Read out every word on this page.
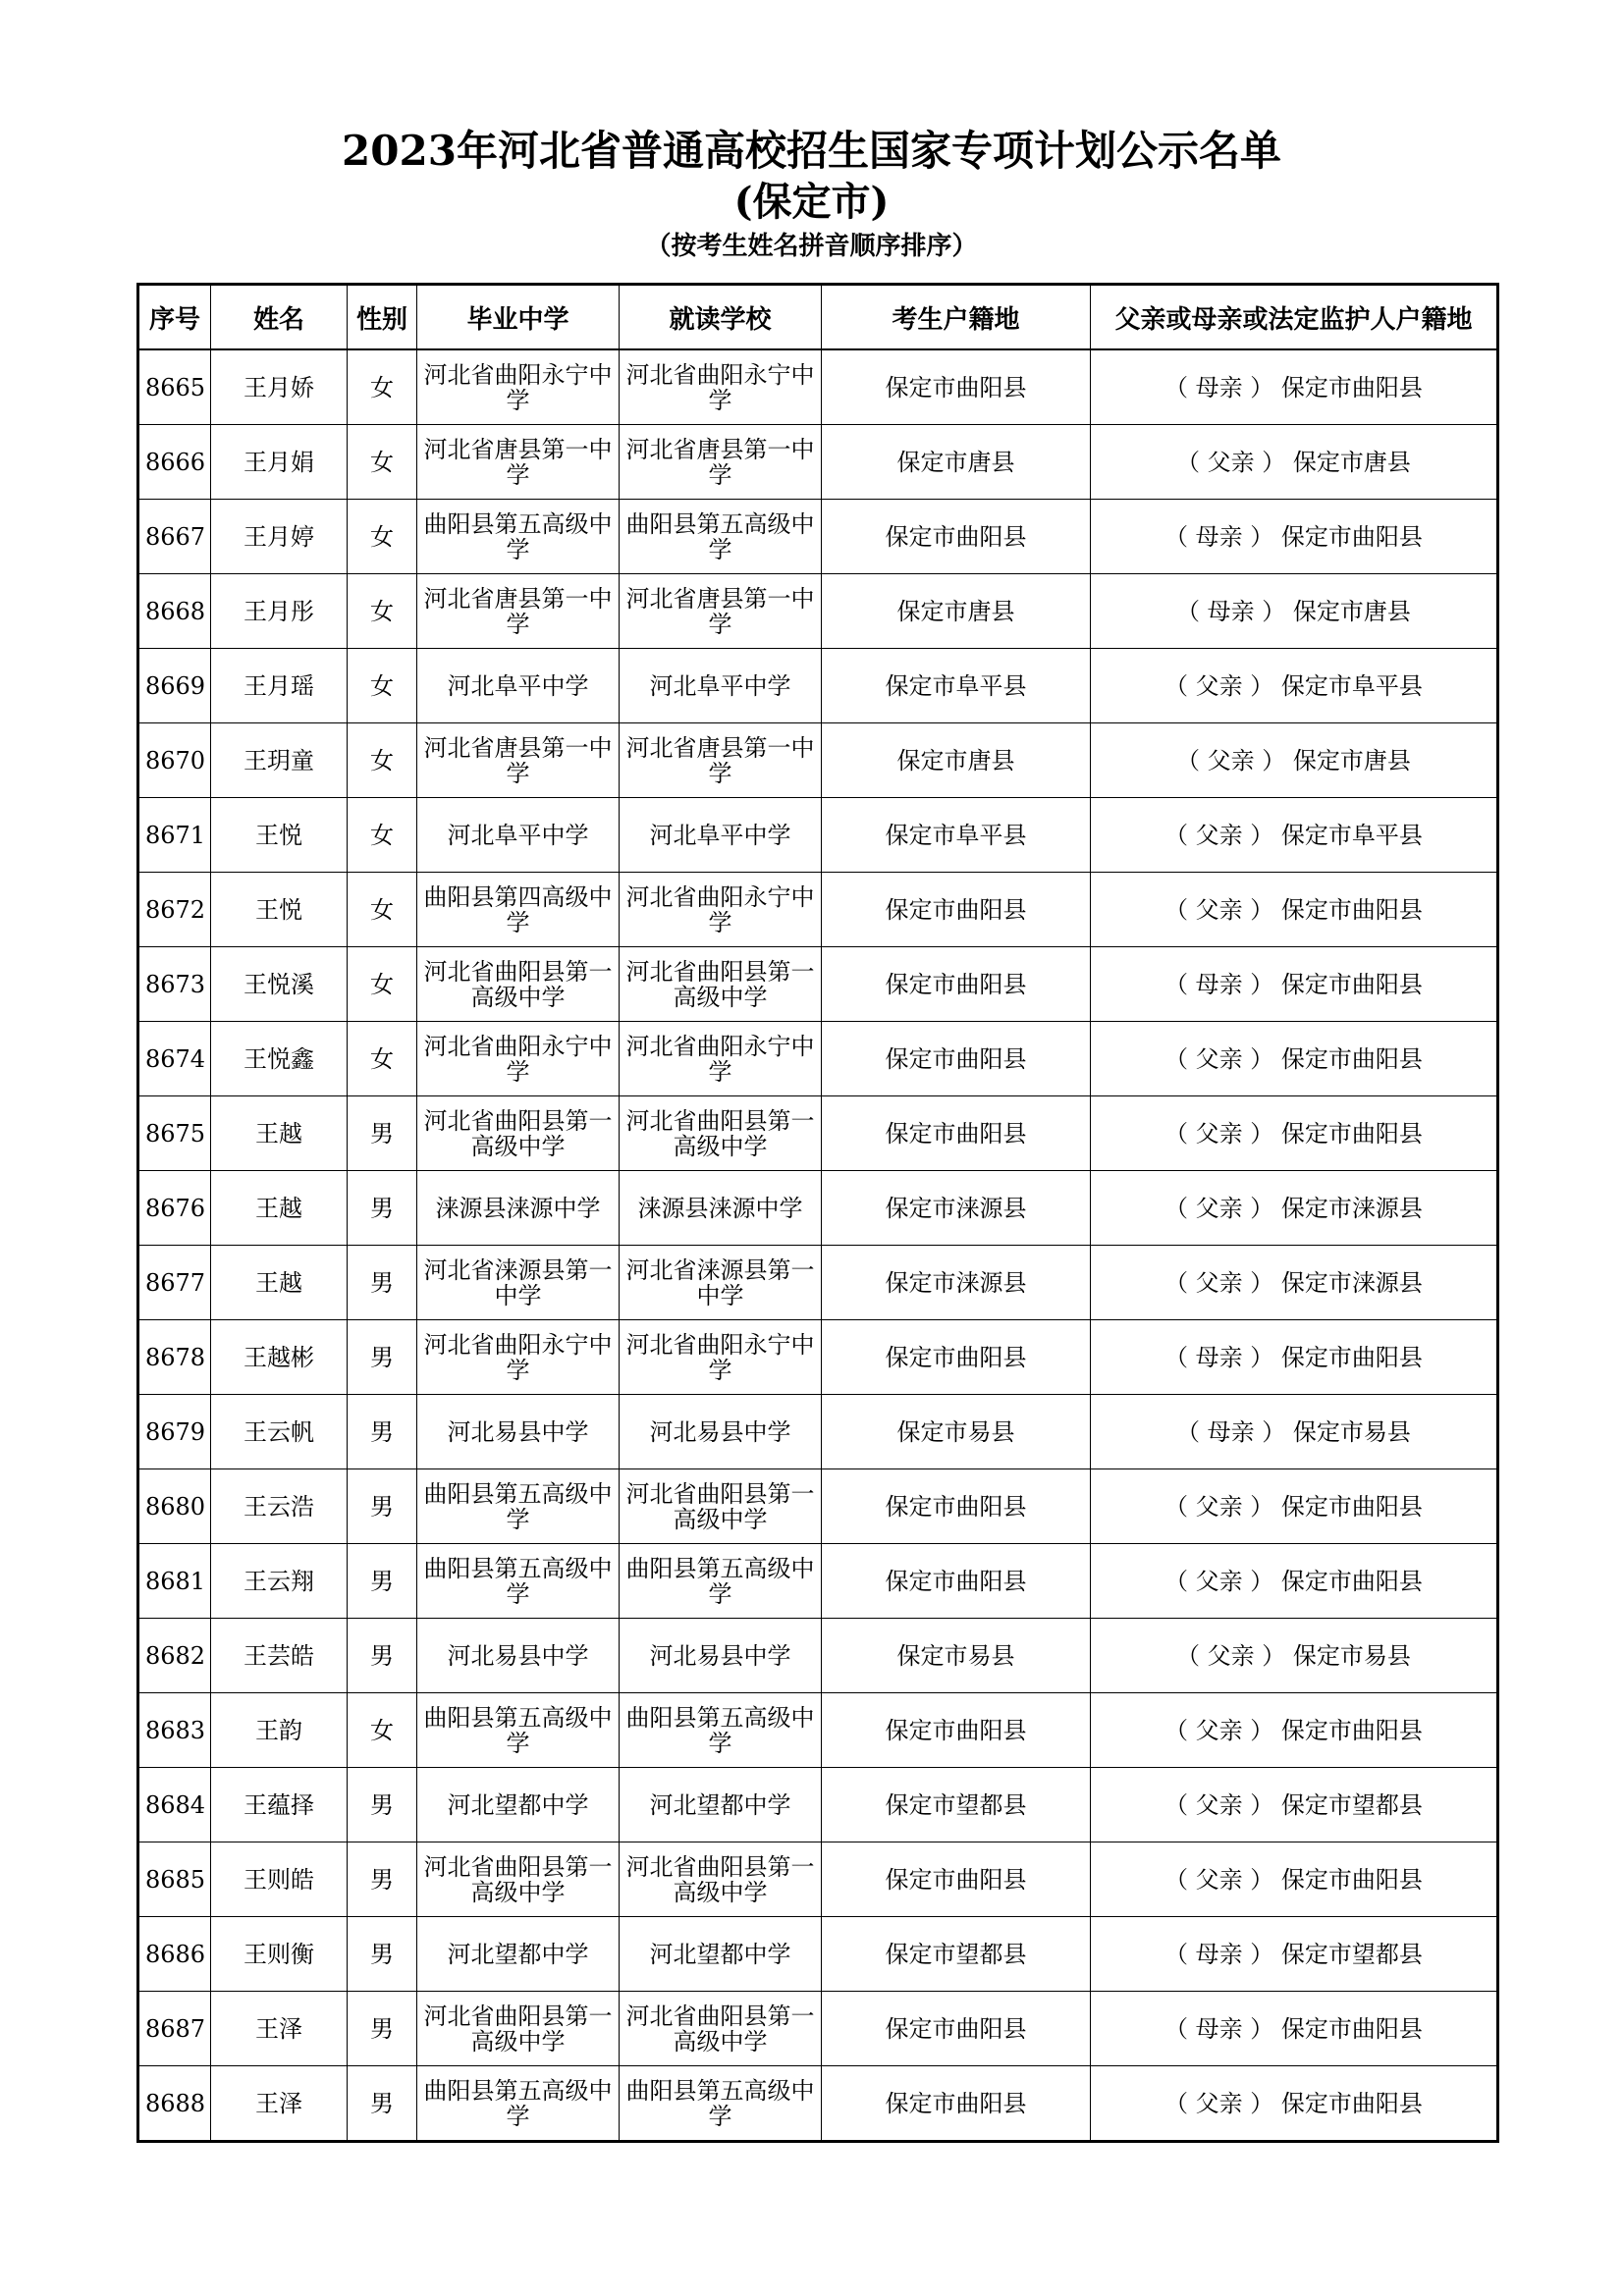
2023年河北省普通高校招生国家专项计划公示名单
(保定市)
（按考生姓名拼音顺序排序）
序号	姓名	性别	毕业中学	就读学校	考生户籍地	父亲或母亲或法定监护人户籍地
8665	王月娇	女	河北省曲阳永宁中学	河北省曲阳永宁中学	保定市曲阳县	（ 母亲 ） 保定市曲阳县
8666	王月娟	女	河北省唐县第一中学	河北省唐县第一中学	保定市唐县	（ 父亲 ） 保定市唐县
8667	王月婷	女	曲阳县第五高级中学	曲阳县第五高级中学	保定市曲阳县	（ 母亲 ） 保定市曲阳县
8668	王月彤	女	河北省唐县第一中学	河北省唐县第一中学	保定市唐县	（ 母亲 ） 保定市唐县
8669	王月瑶	女	河北阜平中学	河北阜平中学	保定市阜平县	（ 父亲 ） 保定市阜平县
8670	王玥童	女	河北省唐县第一中学	河北省唐县第一中学	保定市唐县	（ 父亲 ） 保定市唐县
8671	王悦	女	河北阜平中学	河北阜平中学	保定市阜平县	（ 父亲 ） 保定市阜平县
8672	王悦	女	曲阳县第四高级中学	河北省曲阳永宁中学	保定市曲阳县	（ 父亲 ） 保定市曲阳县
8673	王悦溪	女	河北省曲阳县第一高级中学	河北省曲阳县第一高级中学	保定市曲阳县	（ 母亲 ） 保定市曲阳县
8674	王悦鑫	女	河北省曲阳永宁中学	河北省曲阳永宁中学	保定市曲阳县	（ 父亲 ） 保定市曲阳县
8675	王越	男	河北省曲阳县第一高级中学	河北省曲阳县第一高级中学	保定市曲阳县	（ 父亲 ） 保定市曲阳县
8676	王越	男	涞源县涞源中学	涞源县涞源中学	保定市涞源县	（ 父亲 ） 保定市涞源县
8677	王越	男	河北省涞源县第一中学	河北省涞源县第一中学	保定市涞源县	（ 父亲 ） 保定市涞源县
8678	王越彬	男	河北省曲阳永宁中学	河北省曲阳永宁中学	保定市曲阳县	（ 母亲 ） 保定市曲阳县
8679	王云帆	男	河北易县中学	河北易县中学	保定市易县	（ 母亲 ） 保定市易县
8680	王云浩	男	曲阳县第五高级中学	河北省曲阳县第一高级中学	保定市曲阳县	（ 父亲 ） 保定市曲阳县
8681	王云翔	男	曲阳县第五高级中学	曲阳县第五高级中学	保定市曲阳县	（ 父亲 ） 保定市曲阳县
8682	王芸皓	男	河北易县中学	河北易县中学	保定市易县	（ 父亲 ） 保定市易县
8683	王韵	女	曲阳县第五高级中学	曲阳县第五高级中学	保定市曲阳县	（ 父亲 ） 保定市曲阳县
8684	王蕴择	男	河北望都中学	河北望都中学	保定市望都县	（ 父亲 ） 保定市望都县
8685	王则皓	男	河北省曲阳县第一高级中学	河北省曲阳县第一高级中学	保定市曲阳县	（ 父亲 ） 保定市曲阳县
8686	王则衡	男	河北望都中学	河北望都中学	保定市望都县	（ 母亲 ） 保定市望都县
8687	王泽	男	河北省曲阳县第一高级中学	河北省曲阳县第一高级中学	保定市曲阳县	（ 母亲 ） 保定市曲阳县
8688	王泽	男	曲阳县第五高级中学	曲阳县第五高级中学	保定市曲阳县	（ 父亲 ） 保定市曲阳县
